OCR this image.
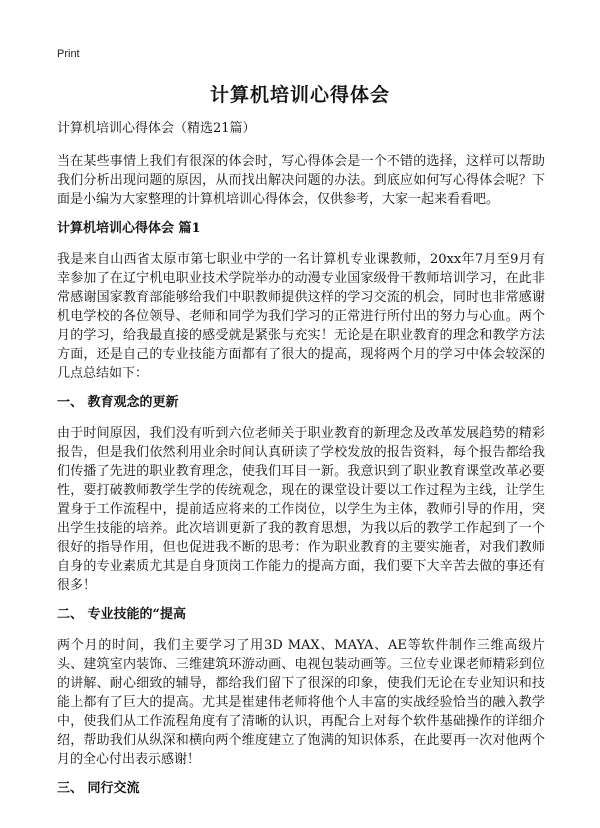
Print
计算机培训心得体会

计算机培训心得体会（精选21篇）

当在某些事情上我们有很深的体会时，写心得体会是一个不错的选择，这样可以帮助我们分析出现问题的原因，从而找出解决问题的办法。到底应如何写心得体会呢？下面是小编为大家整理的计算机培训心得体会，仅供参考，大家一起来看看吧。

计算机培训心得体会 篇1

我是来自山西省太原市第七职业中学的一名计算机专业课教师，20xx年7月至9月有幸参加了在辽宁机电职业技术学院举办的动漫专业国家级骨干教师培训学习，在此非常感谢国家教育部能够给我们中职教师提供这样的学习交流的机会，同时也非常感谢机电学校的各位领导、老师和同学为我们学习的正常进行所付出的努力与心血。两个月的学习，给我最直接的感受就是紧张与充实！无论是在职业教育的理念和教学方法方面，还是自己的专业技能方面都有了很大的提高，现将两个月的学习中体会较深的几点总结如下：

一、 教育观念的更新

由于时间原因，我们没有听到六位老师关于职业教育的新理念及改革发展趋势的精彩报告，但是我们依然利用业余时间认真研读了学校发放的报告资料，每个报告都给我们传播了先进的职业教育理念，使我们耳目一新。我意识到了职业教育课堂改革必要性，要打破教师教学生学的传统观念，现在的课堂设计要以工作过程为主线，让学生置身于工作流程中，提前适应将来的工作岗位，以学生为主体，教师引导的作用，突出学生技能的培养。此次培训更新了我的教育思想，为我以后的教学工作起到了一个很好的指导作用，但也促进我不断的思考：作为职业教育的主要实施者，对我们教师自身的专业素质尤其是自身顶岗工作能力的提高方面，我们要下大辛苦去做的事还有很多！

二、 专业技能的“提高

两个月的时间，我们主要学习了用3D MAX、MAYA、AE等软件制作三维高级片头、建筑室内装饰、三维建筑环游动画、电视包装动画等。三位专业课老师精彩到位的讲解、耐心细致的辅导，都给我们留下了很深的印象，使我们无论在专业知识和技能上都有了巨大的提高。尤其是崔建伟老师将他个人丰富的实战经验恰当的融入教学中，使我们从工作流程角度有了清晰的认识，再配合上对每个软件基础操作的详细介绍，帮助我们从纵深和横向两个维度建立了饱满的知识体系，在此要再一次对他两个月的全心付出表示感谢！

三、 同行交流
